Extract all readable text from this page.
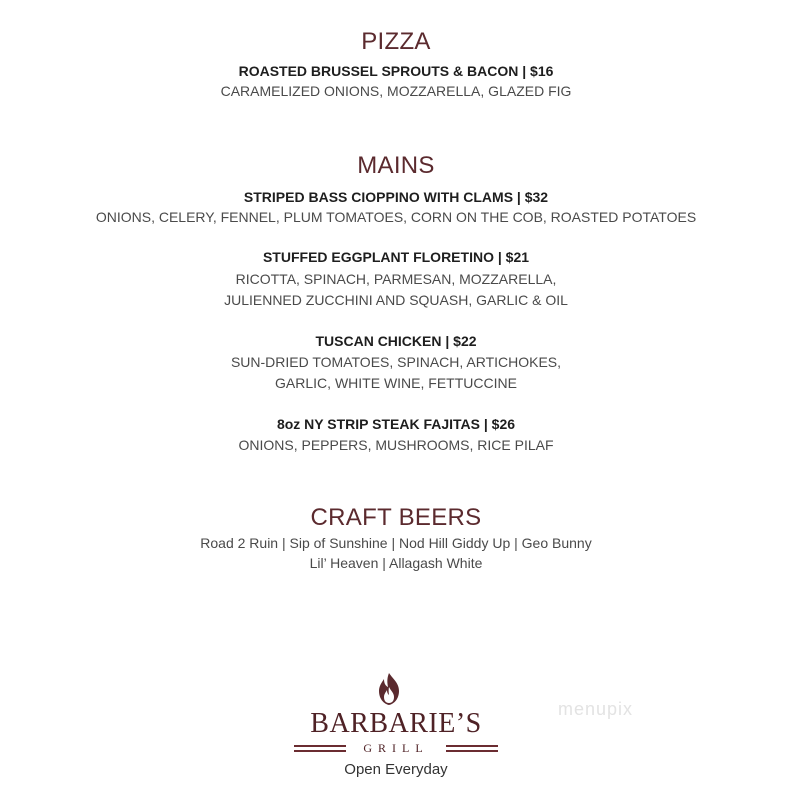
PIZZA
ROASTED BRUSSEL SPROUTS & BACON | $16
CARAMELIZED ONIONS, MOZZARELLA, GLAZED FIG
MAINS
STRIPED BASS CIOPPINO WITH CLAMS | $32
ONIONS, CELERY, FENNEL, PLUM TOMATOES, CORN ON THE COB, ROASTED POTATOES
STUFFED EGGPLANT FLORETINO | $21
RICOTTA, SPINACH, PARMESAN, MOZZARELLA,
JULIENNED ZUCCHINI AND SQUASH, GARLIC & OIL
TUSCAN CHICKEN | $22
SUN-DRIED TOMATOES, SPINACH, ARTICHOKES,
GARLIC, WHITE WINE, FETTUCCINE
8oz NY STRIP STEAK FAJITAS | $26
ONIONS, PEPPERS, MUSHROOMS, RICE PILAF
CRAFT BEERS
Road 2 Ruin | Sip of Sunshine | Nod Hill Giddy Up | Geo Bunny
Lil’ Heaven | Allagash White
BARBARIE’S
GRILL
Open Everyday
menupix
